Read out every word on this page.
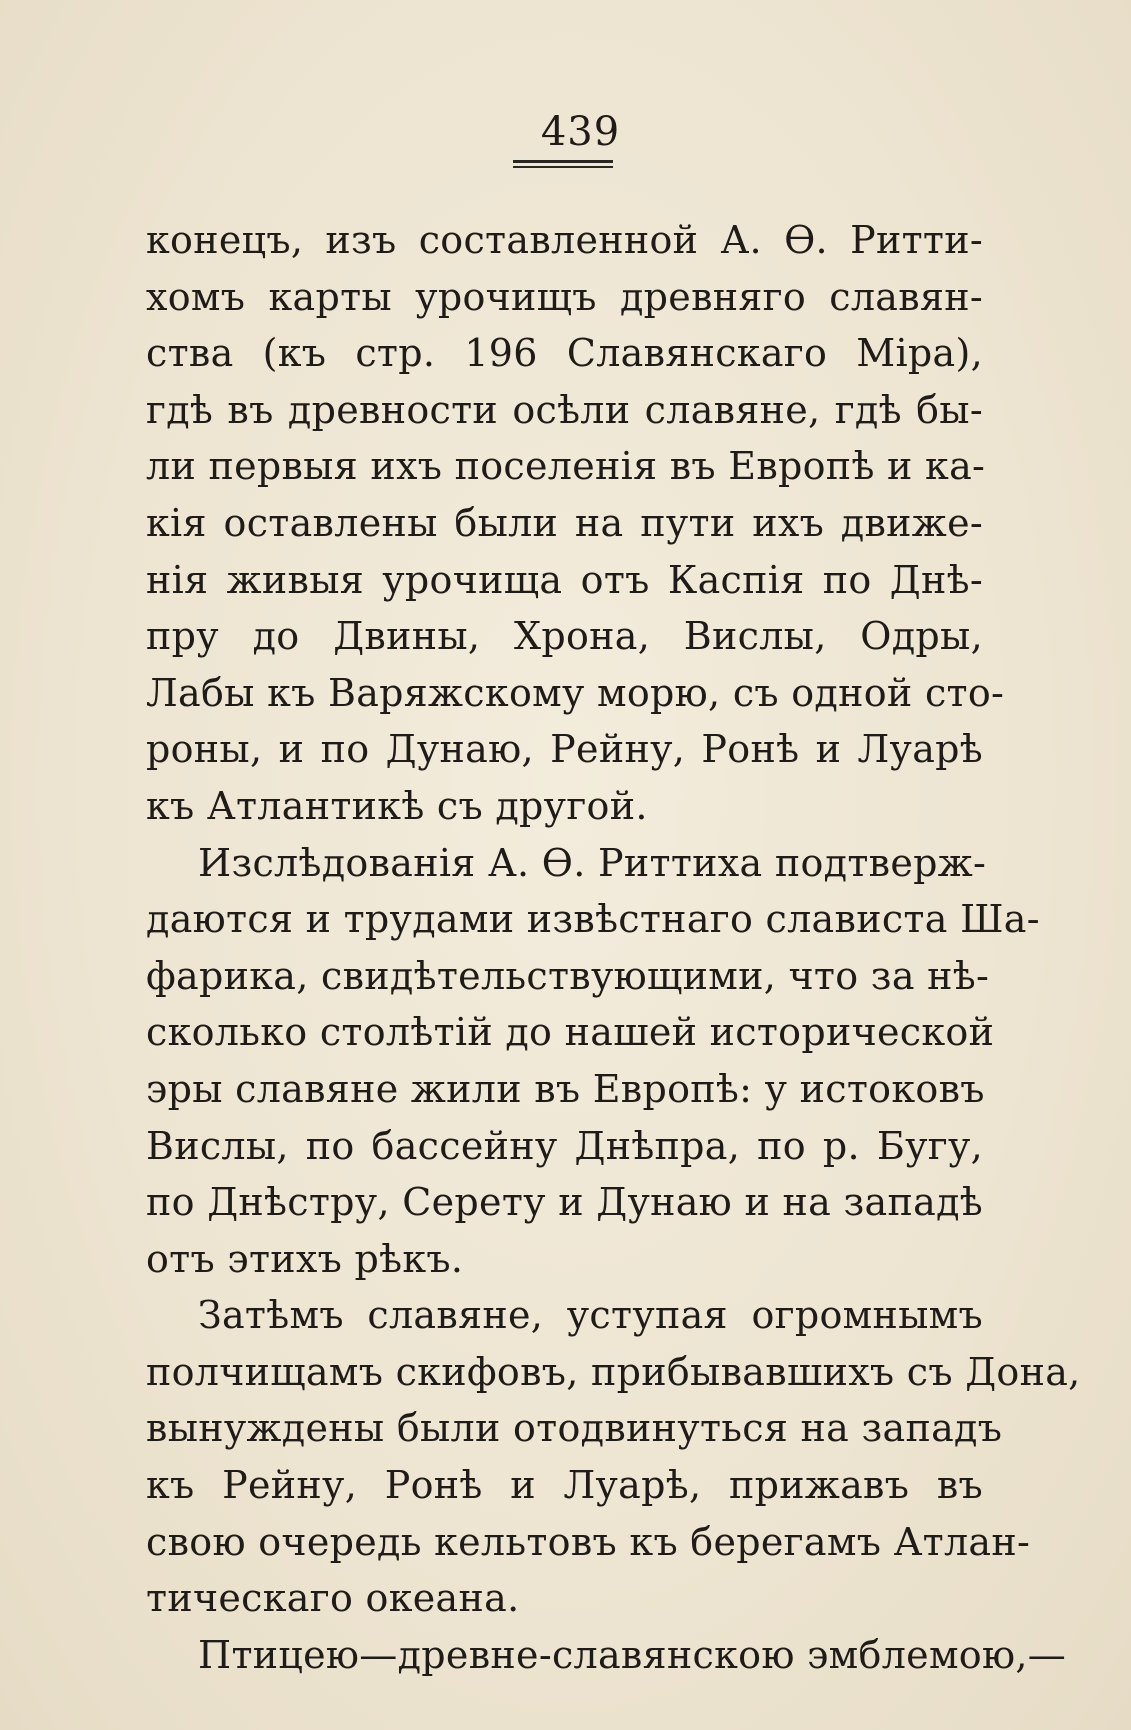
439
конецъ, изъ составленной А. Ѳ. Ритти-
хомъ карты урочищъ древняго славян-
ства (къ стр. 196 Славянскаго Міра),
гдѣ въ древности осѣли славяне, гдѣ бы-
ли первыя ихъ поселенія въ Европѣ и ка-
кія оставлены были на пути ихъ движе-
нія живыя урочища отъ Каспія по Днѣ-
пру до Двины, Хрона, Вислы, Одры,
Лабы къ Варяжскому морю, съ одной сто-
роны, и по Дунаю, Рейну, Ронѣ и Луарѣ
къ Атлантикѣ съ другой.
Изслѣдованія А. Ѳ. Риттиха подтверж-
даются и трудами извѣстнаго слависта Ша-
фарика, свидѣтельствующими, что за нѣ-
сколько столѣтій до нашей исторической
эры славяне жили въ Европѣ: у истоковъ
Вислы, по бассейну Днѣпра, по р. Бугу,
по Днѣстру, Серету и Дунаю и на западѣ
отъ этихъ рѣкъ.
Затѣмъ славяне, уступая огромнымъ
полчищамъ скифовъ, прибывавшихъ съ Дона,
вынуждены были отодвинуться на западъ
къ Рейну, Ронѣ и Луарѣ, прижавъ въ
свою очередь кельтовъ къ берегамъ Атлан-
тическаго океана.
Птицею—древне-славянскою эмблемою,—
